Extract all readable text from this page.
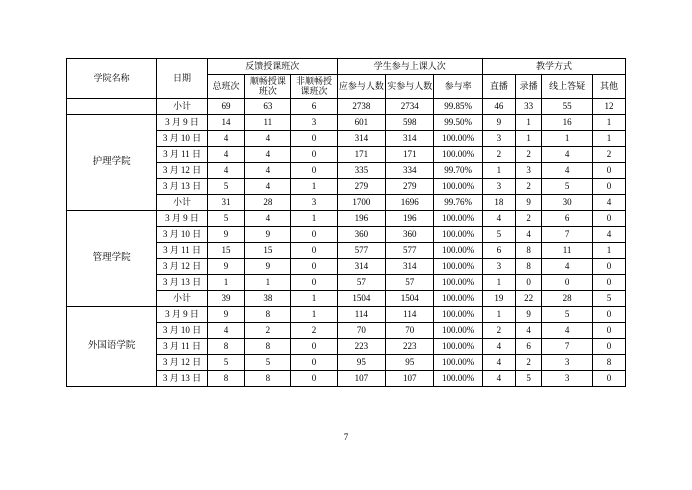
学院名称	日期	反馈授课班次			学生参与上课人次			教学方式			
		总班次	顺畅授课班次	非顺畅授课班次	应参与人数	实参与人数	参与率	直播	录播	线上答疑	其他
	小计	69	63	6	2738	2734	99.85%	46	33	55	12
护理学院	3 月 9 日	14	11	3	601	598	99.50%	9	1	16	1
	3 月 10 日	4	4	0	314	314	100.00%	3	1	1	1
	3 月 11 日	4	4	0	171	171	100.00%	2	2	4	2
	3 月 12 日	4	4	0	335	334	99.70%	1	3	4	0
	3 月 13 日	5	4	1	279	279	100.00%	3	2	5	0
	小计	31	28	3	1700	1696	99.76%	18	9	30	4
管理学院	3 月 9 日	5	4	1	196	196	100.00%	4	2	6	0
	3 月 10 日	9	9	0	360	360	100.00%	5	4	7	4
	3 月 11 日	15	15	0	577	577	100.00%	6	8	11	1
	3 月 12 日	9	9	0	314	314	100.00%	3	8	4	0
	3 月 13 日	1	1	0	57	57	100.00%	1	0	0	0
	小计	39	38	1	1504	1504	100.00%	19	22	28	5
外国语学院	3 月 9 日	9	8	1	114	114	100.00%	1	9	5	0
	3 月 10 日	4	2	2	70	70	100.00%	2	4	4	0
	3 月 11 日	8	8	0	223	223	100.00%	4	6	7	0
	3 月 12 日	5	5	0	95	95	100.00%	4	2	3	8
	3 月 13 日	8	8	0	107	107	100.00%	4	5	3	0
7
